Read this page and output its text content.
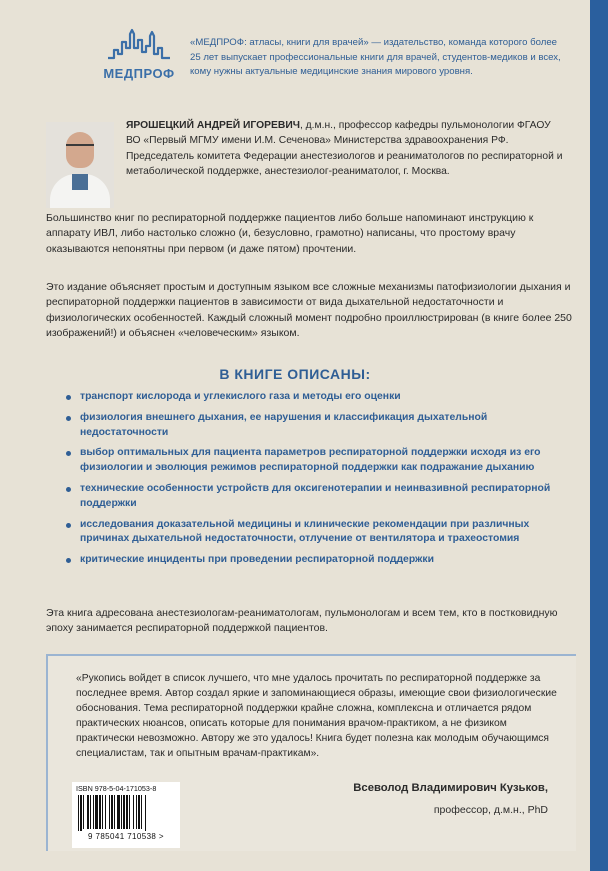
МЕДПРОФ
«МЕДПРОФ: атласы, книги для врачей» — издательство, команда которого более 25 лет выпускает профессиональные книги для врачей, студентов-медиков и всех, кому нужны актуальные медицинские знания мирового уровня.
ЯРОШЕЦКИЙ АНДРЕЙ ИГОРЕВИЧ, д.м.н., профессор кафедры пульмонологии ФГАОУ ВО «Первый МГМУ имени И.М. Сеченова» Министерства здравоохранения РФ. Председатель комитета Федерации анестезиологов и реаниматологов по респираторной и метаболической поддержке, анестезиолог-реаниматолог, г. Москва.
Большинство книг по респираторной поддержке пациентов либо больше напоминают инструкцию к аппарату ИВЛ, либо настолько сложно (и, безусловно, грамотно) написаны, что простому врачу оказываются непонятны при первом (и даже пятом) прочтении.
Это издание объясняет простым и доступным языком все сложные механизмы патофизиологии дыхания и респираторной поддержки пациентов в зависимости от вида дыхательной недостаточности и физиологических особенностей. Каждый сложный момент подробно проиллюстрирован (в книге более 250 изображений!) и объяснен «человеческим» языком.
В КНИГЕ ОПИСАНЫ:
транспорт кислорода и углекислого газа и методы его оценки
физиология внешнего дыхания, ее нарушения и классификация дыхательной недостаточности
выбор оптимальных для пациента параметров респираторной поддержки исходя из его физиологии и эволюция режимов респираторной поддержки как подражание дыханию
технические особенности устройств для оксигенотерапии и неинвазивной респираторной поддержки
исследования доказательной медицины и клинические рекомендации при различных причинах дыхательной недостаточности, отлучение от вентилятора и трахеостомия
критические инциденты при проведении респираторной поддержки
Эта книга адресована анестезиологам-реаниматологам, пульмонологам и всем тем, кто в постковидную эпоху занимается респираторной поддержкой пациентов.
«Рукопись войдет в список лучшего, что мне удалось прочитать по респираторной поддержке за последнее время. Автор создал яркие и запоминающиеся образы, имеющие свои физиологические обоснования. Тема респираторной поддержки крайне сложна, комплексна и отличается рядом практических нюансов, описать которые для понимания врачом-практиком, а не физиком практически невозможно. Автору же это удалось! Книга будет полезна как молодым обучающимся специалистам, так и опытным врачам-практикам».
Всеволод Владимирович Кузьков,
профессор, д.м.н., PhD
ISBN 978-5-04-171053-8
9 785041 710538 >
